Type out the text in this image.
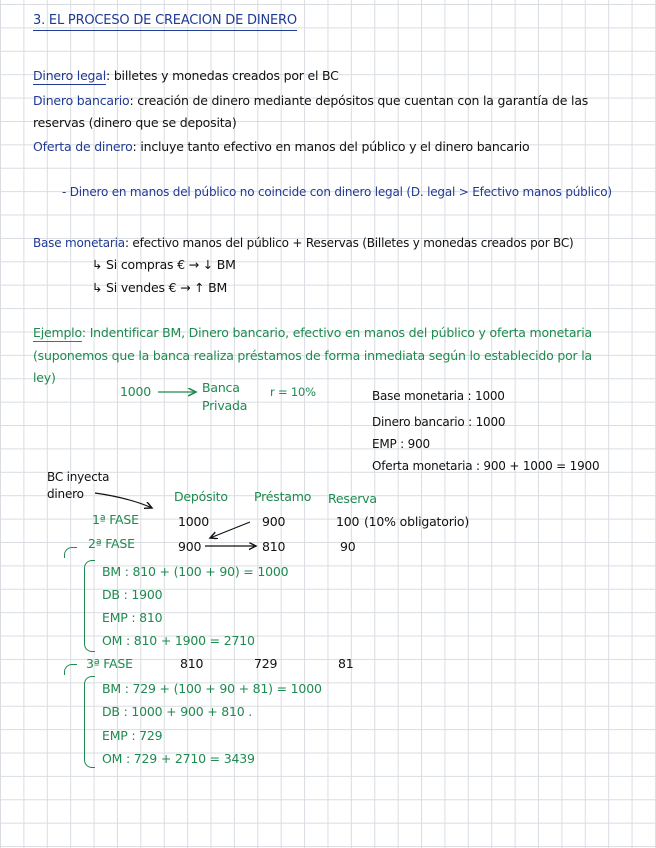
3. EL PROCESO DE CREACION DE DINERO
Dinero legal: billetes y monedas creados por el BC
Dinero bancario: creación de dinero mediante depósitos que cuentan con la garantía de las
reservas (dinero que se deposita)
Oferta de dinero: incluye tanto efectivo en manos del público y el dinero bancario
- Dinero en manos del público no coincide con dinero legal (D. legal > Efectivo manos público)
Base monetaria: efectivo manos del público + Reservas (Billetes y monedas creados por BC)
↳ Si compras € → ↓ BM
↳ Si vendes € → ↑ BM
Ejemplo: Indentificar BM, Dinero bancario, efectivo en manos del público y oferta monetaria
(suponemos que la banca realiza préstamos de forma inmediata según lo establecido por la
ley)
1000	Banca
Privada
r = 10%	Base monetaria : 1000
Dinero bancario : 1000
EMP : 900
Oferta monetaria : 900 + 1000 = 1900
BC inyecta
dinero	Depósito Préstamo Reserva
1ª FASE	1000	900	100 (10% obligatorio)
2ª FASE	900	810	90
BM : 810 + (100 + 90) = 1000
DB : 1900
EMP : 810
OM : 810 + 1900 = 2710
3ª FASE	810	729	81
BM : 729 + (100 + 90 + 81) = 1000
DB : 1000 + 900 + 810 .
EMP : 729
OM : 729 + 2710 = 3439
